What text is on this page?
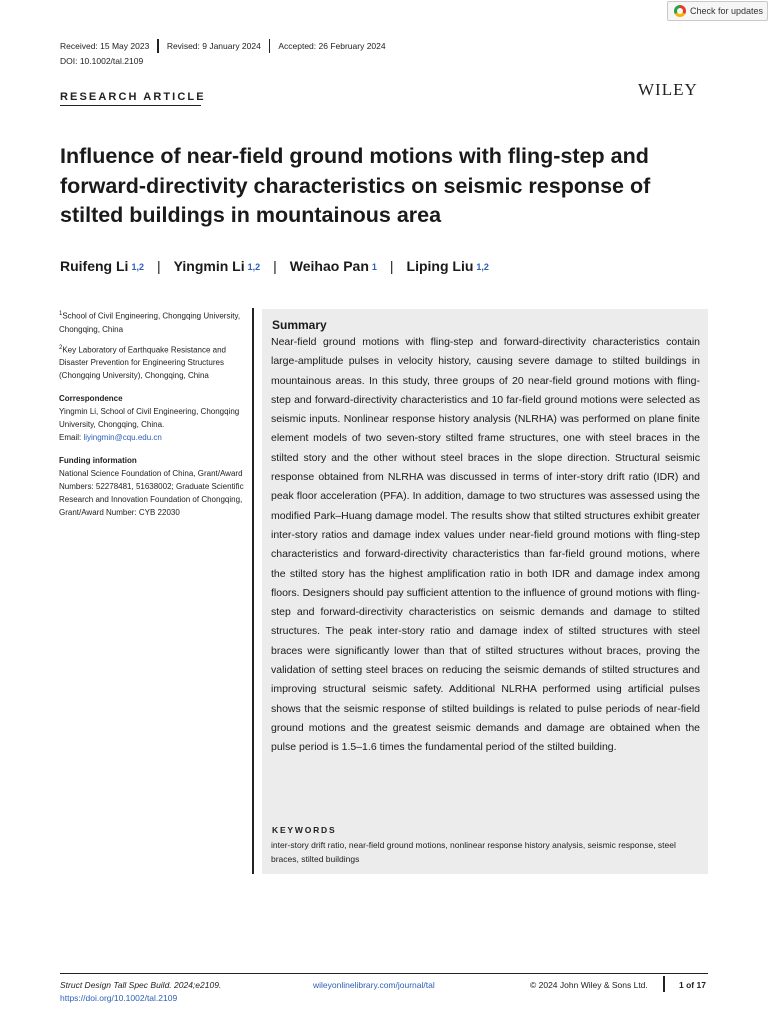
Check for updates
Received: 15 May 2023 Revised: 9 January 2024 Accepted: 26 February 2024
DOI: 10.1002/tal.2109
RESEARCH ARTICLE	WILEY
Influence of near-field ground motions with fling-step and forward-directivity characteristics on seismic response of stilted buildings in mountainous area
Ruifeng Li $^{1,2}$ | Yingmin Li $^{1,2}$ | Weihao Pan $^1$ | Liping Liu $^{1,2}$

$^1$School of Civil Engineering, Chongqing University, Chongqing, China

$^2$Key Laboratory of Earthquake Resistance and Disaster Prevention for Engineering Structures (Chongqing University), Chongqing, China

Correspondence

Yingmin Li, School of Civil Engineering, Chongqing University, Chongqing, China.

Email: liyingmin@cqu.edu.cn

Funding information

National Science Foundation of China, Grant/Award Numbers: 52278481, 51638002; Graduate Scientific Research and Innovation Foundation of Chongqing, Grant/Award Number: CYB 22030

Summary
Near-field ground motions with fling-step and forward-directivity characteristics contain large-amplitude pulses in velocity history, causing severe damage to stilted buildings in mountainous areas. In this study, three groups of 20 near-field ground motions with fling-step and forward-directivity characteristics and 10 far-field ground motions were selected as seismic inputs. Nonlinear response history analysis (NLRHA) was performed on plane finite element models of two seven-story stilted frame structures, one with steel braces in the stilted story and the other without steel braces in the slope direction. Structural seismic response obtained from NLRHA was discussed in terms of inter-story drift ratio (IDR) and peak floor acceleration (PFA). In addition, damage to two structures was assessed using the modified Park–Huang damage model. The results show that stilted structures exhibit greater inter-story ratios and damage index values under near-field ground motions with fling-step characteristics and forward-directivity characteristics than far-field ground motions, where the stilted story has the highest amplification ratio in both IDR and damage index among floors. Designers should pay sufficient attention to the influence of ground motions with fling-step and forward-directivity characteristics on seismic demands and damage to stilted structures. The peak inter-story ratio and damage index of stilted structures with steel braces were significantly lower than that of stilted structures without braces, proving the validation of setting steel braces on reducing the seismic demands of stilted structures and improving structural seismic safety. Additional NLRHA performed using artificial pulses shows that the seismic response of stilted buildings is related to pulse periods of near-field ground motions and the greatest seismic demands and damage are obtained when the pulse period is 1.5–1.6 times the fundamental period of the stilted building.
KEYWORDS
inter-story drift ratio, near-field ground motions, nonlinear response history analysis, seismic response, steel braces, stilted buildings
Struct Design Tall Spec Build. 2024;e2109.
https://doi.org/10.1002/tal.2109
wileyonlinelibrary.com/journal/tal	© 2024 John Wiley & Sons Ltd.	1 of 17
